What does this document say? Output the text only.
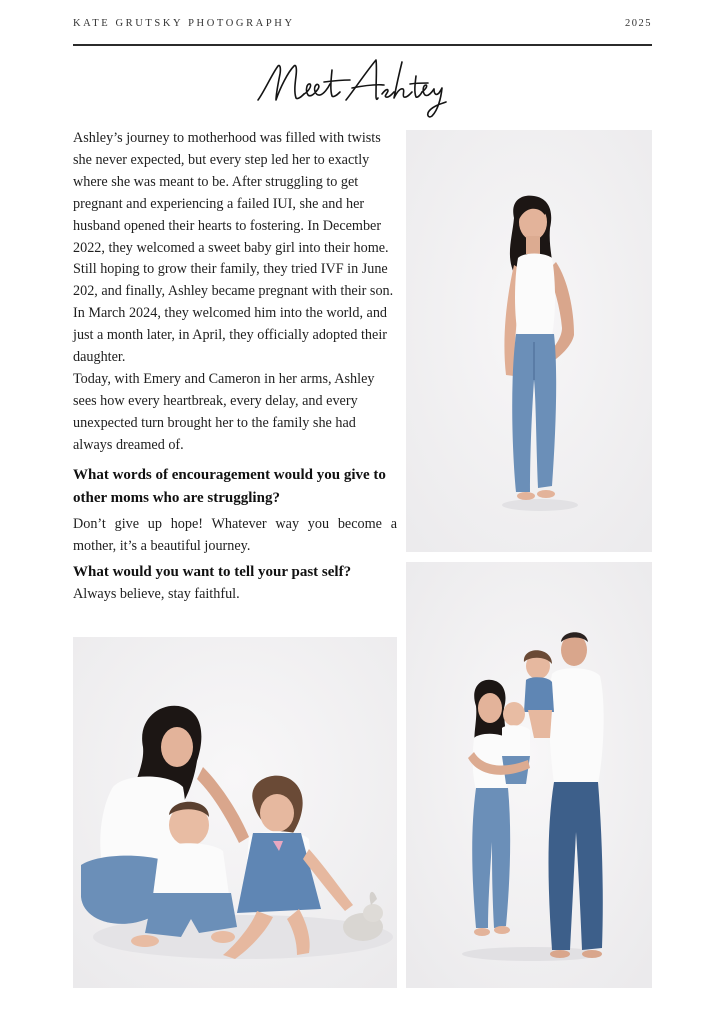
KATE GRUTSKY PHOTOGRAPHY	2025

Ashley’s journey to motherhood was filled with twists she never expected, but every step led her to exactly where she was meant to be. After struggling to get pregnant and experiencing a failed IUI, she and her husband opened their hearts to fostering. In December 2022, they welcomed a sweet baby girl into their home.

Still hoping to grow their family, they tried IVF in June 202, and finally, Ashley became pregnant with their son. In March 2024, they welcomed him into the world, and just a month later, in April, they officially adopted their daughter.

Today, with Emery and Cameron in her arms, Ashley sees how every heartbreak, every delay, and every unexpected turn brought her to the family she had always dreamed of.

What words of encouragement would you give to other moms who are struggling?

Don’t give up hope! Whatever way you become a mother, it’s a beautiful journey.

What would you want to tell your past self?

Always believe, stay faithful.
